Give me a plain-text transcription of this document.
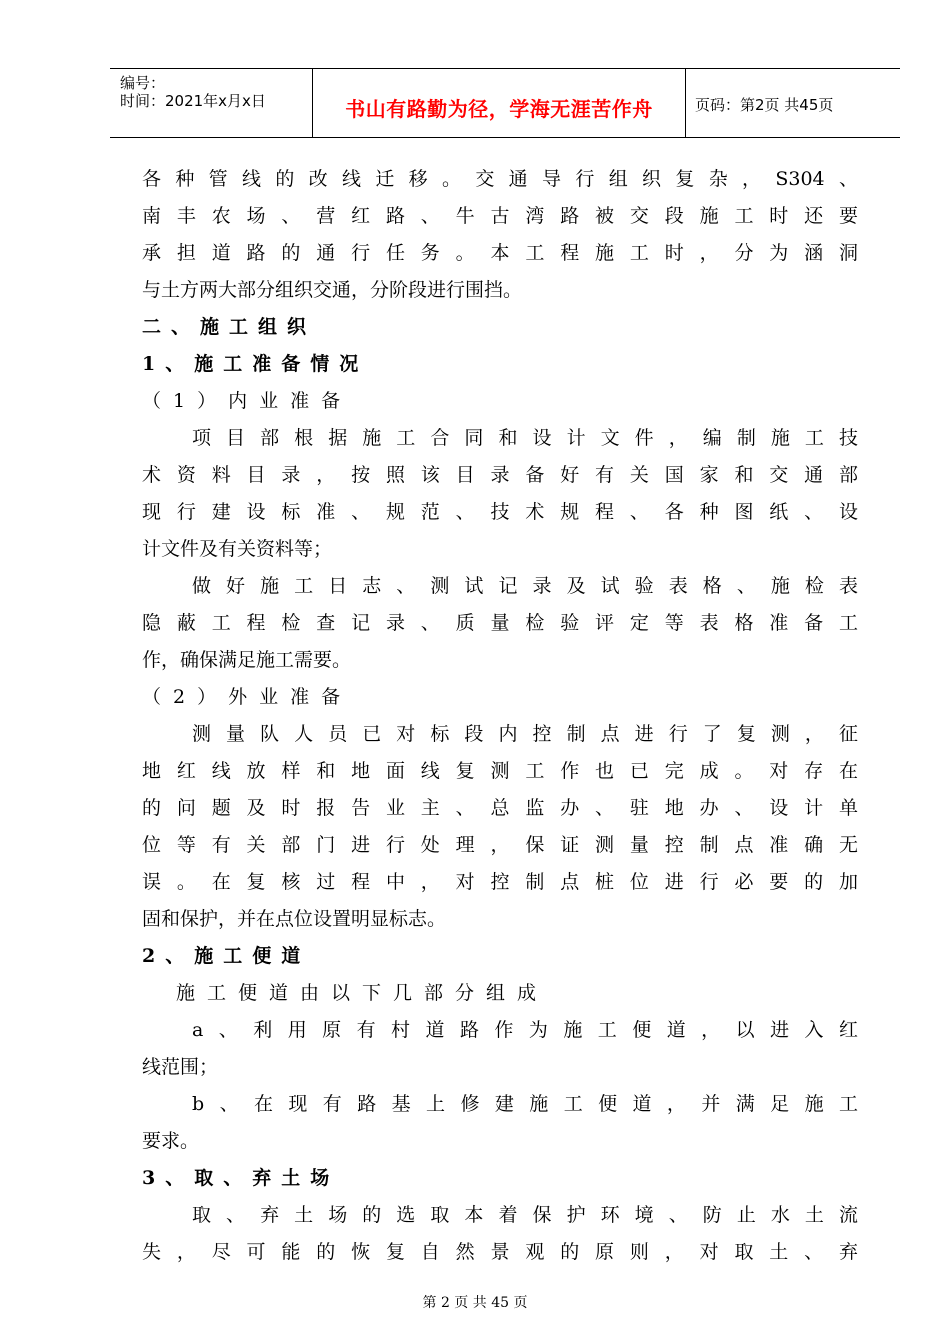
编号：
时间：2021年x月x日	书山有路勤为径，学海无涯苦作舟	页码：第2页 共45页
各种管线的改线迁移。交通导行组织复杂，S304、
南丰农场、营红路、牛古湾路被交段施工时还要
承担道路的通行任务。本工程施工时，分为涵洞
与土方两大部分组织交通，分阶段进行围挡。
二、施工组织
1、施工准备情况
（1）内业准备
项目部根据施工合同和设计文件，编制施工技
术资料目录，按照该目录备好有关国家和交通部
现行建设标准、规范、技术规程、各种图纸、设
计文件及有关资料等；
做好施工日志、测试记录及试验表格、施检表
隐蔽工程检查记录、质量检验评定等表格准备工
作，确保满足施工需要。
（2）外业准备
测量队人员已对标段内控制点进行了复测，征
地红线放样和地面线复测工作也已完成。对存在
的问题及时报告业主、总监办、驻地办、设计单
位等有关部门进行处理，保证测量控制点准确无
误。在复核过程中，对控制点桩位进行必要的加
固和保护，并在点位设置明显标志。
2、施工便道
施工便道由以下几部分组成
a、利用原有村道路作为施工便道，以进入红
线范围；
b、在现有路基上修建施工便道，并满足施工
要求。
3、取、弃土场
取、弃土场的选取本着保护环境、防止水土流
失，尽可能的恢复自然景观的原则，对取土、弃
第 2 页 共 45 页
